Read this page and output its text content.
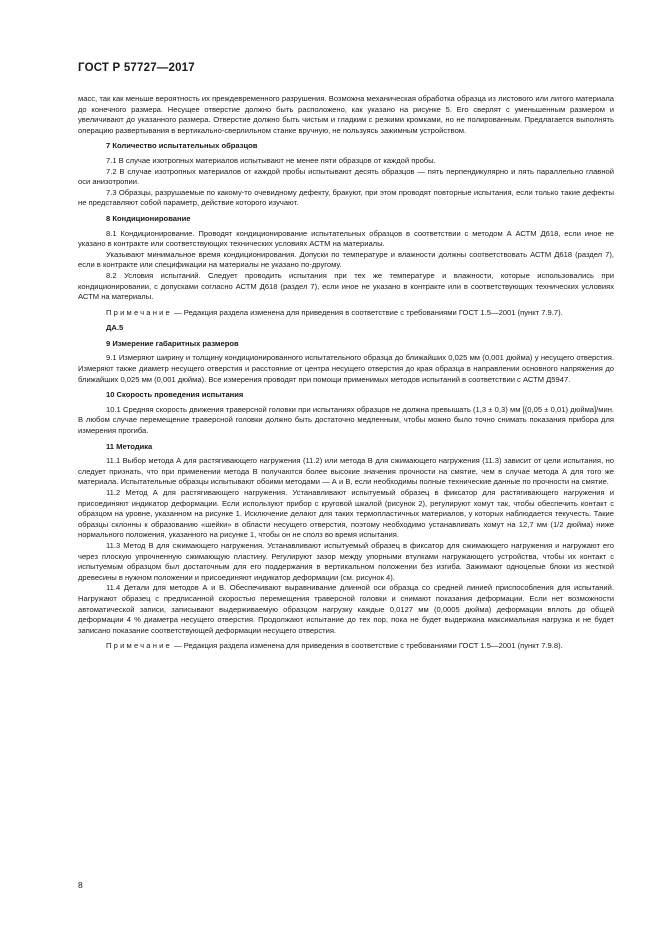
ГОСТ Р 57727—2017

масс, так как меньше вероятность их преждевременного разрушения. Возможна механическая обработка образца из листового или литого материала до конечного размера. Несущее отверстие должно быть расположено, как указано на рисунке 5. Его сверлят с уменьшенным размером и увеличивают до указанного размера. Отверстие должно быть чистым и гладким с резкими кромками, но не полированным. Предлагается выполнять операцию развертывания в вертикально-сверлильном станке вручную, не пользуясь зажимным устройством.

7 Количество испытательных образцов

7.1 В случае изотропных материалов испытывают не менее пяти образцов от каждой пробы.

7.2 В случае изотропных материалов от каждой пробы испытывают десять образцов — пять перпендикулярно и пять параллельно главной оси анизотропии.

7.3 Образцы, разрушаемые по какому-то очевидному дефекту, бракуют, при этом проводят повторные испытания, если только такие дефекты не представляют собой параметр, действие которого изучают.

8 Кондиционирование

8.1 Кондиционирование. Проводят кондиционирование испытательных образцов в соответствии с методом А АСТМ Д618, если иное не указано в контракте или соответствующих технических условиях АСТМ на материалы.

Указывают минимальное время кондиционирования. Допуски по температуре и влажности должны соответствовать АСТМ Д618 (раздел 7), если в контракте или спецификации на материалы не указано по-другому.

8.2 Условия испытаний. Следует проводить испытания при тех же температуре и влажности, которые использовались при кондиционировании, с допусками согласно АСТМ Д618 (раздел 7), если иное не указано в контракте или в соответствующих технических условиях АСТМ на материалы.

Примечание — Редакция раздела изменена для приведения в соответствие с требованиями ГОСТ 1.5—2001 (пункт 7.9.7).

ДА.5
9 Измерение габаритных размеров

9.1 Измеряют ширину и толщину кондиционированного испытательного образца до ближайших 0,025 мм (0,001 дюйма) у несущего отверстия. Измеряют также диаметр несущего отверстия и расстояние от центра несущего отверстия до края образца в направлении основного напряжения до ближайших 0,025 мм (0,001 дюйма). Все измерения проводят при помощи применимых методов испытаний в соответствии с АСТМ Д5947.

10 Скорость проведения испытания

10.1 Средняя скорость движения траверсной головки при испытаниях образцов не должна превышать (1,3 ± 0,3) мм [(0,05 ± 0,01) дюйма]/мин. В любом случае перемещение траверсной головки должно быть достаточно медленным, чтобы можно было точно снимать показания прибора для измерения прогиба.

11 Методика

11.1 Выбор метода А для растягивающего нагружения (11.2) или метода В для сжимающего нагружения (11.3) зависит от цели испытания, но следует признать, что при применении метода В получаются более высокие значения прочности на смятие, чем в случае метода А для того же материала. Испытательные образцы испытывают обоими методами — А и В, если необходимы полные технические данные по прочности на смятие.

11.2 Метод А для растягивающего нагружения. Устанавливают испытуемый образец в фиксатор для растягивающего нагружения и присоединяют индикатор деформации. Если используют прибор с круговой шкалой (рисунок 2), регулируют хомут так, чтобы обеспечить контакт с образцом на уровне, указанном на рисунке 1. Исключение делают для таких термопластичных материалов, у которых наблюдается текучесть. Такие образцы склонны к образованию «шейки» в области несущего отверстия, поэтому необходимо устанавливать хомут на 12,7 мм (1/2 дюйма) ниже нормального положения, указанного на рисунке 1, чтобы он не сполз во время испытания.

11.3 Метод В для сжимающего нагружения. Устанавливают испытуемый образец в фиксатор для сжимающего нагружения и нагружают его через плоскую упрочненную сжимающую пластину. Регулируют зазор между упорными втулками нагружающего устройства, чтобы их контакт с испытуемым образцом был достаточным для его поддержания в вертикальном положении без изгиба. Зажимают одноцелые блоки из жесткой древесины в нужном положении и присоединяют индикатор деформации (см. рисунок 4).

11.4 Детали для методов А и В. Обеспечивают выравнивание длинной оси образца со средней линией приспособления для испытаний. Нагружают образец с предписанной скоростью перемещения траверсной головки и снимают показания деформации. Если нет возможности автоматической записи, записывают выдерживаемую образцом нагрузку каждые 0,0127 мм (0,0005 дюйма) деформации вплоть до общей деформации 4 % диаметра несущего отверстия. Продолжают испытание до тех пор, пока не будет выдержана максимальная нагрузка и не будет записано показание соответствующей деформации несущего отверстия.

Примечание — Редакция раздела изменена для приведения в соответствие с требованиями ГОСТ 1.5—2001 (пункт 7.9.8).

8
